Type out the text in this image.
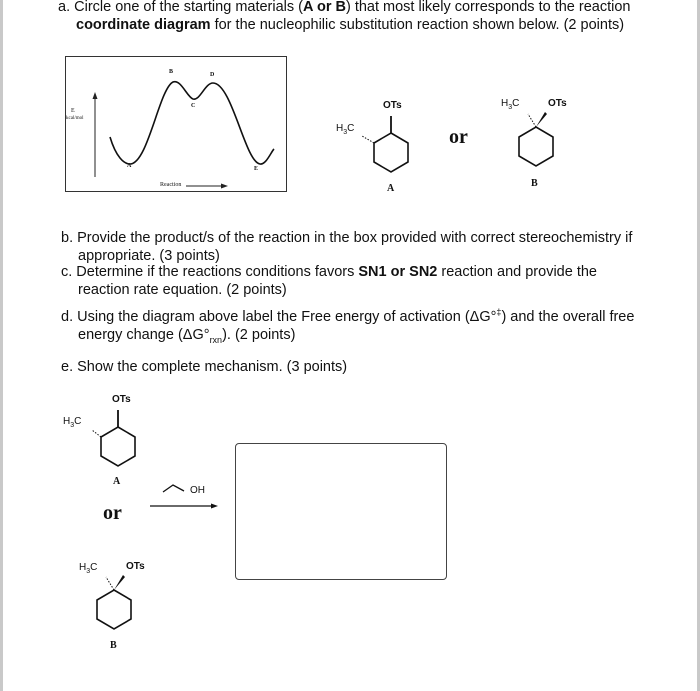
a. Circle one of the starting materials (A or B) that most likely corresponds to the reaction
coordinate diagram for the nucleophilic substitution reaction shown below. (2 points)
E
kcal/mol
Reaction
A
B
C
D
E
OTs
$H_3C$
A
or
OTs
$H_3C$
B
b. Provide the product/s of the reaction in the box provided with correct stereochemistry if
appropriate. (3 points)
c. Determine if the reactions conditions favors SN1 or SN2 reaction and provide the
reaction rate equation. (2 points)
d. Using the diagram above label the Free energy of activation (ΔG°‡) and the overall free
energy change $(\Delta G^\circ_{rxn})$. (2 points)
e. Show the complete mechanism. (3 points)
OTs
$H_3C$
A
or
OH
OTs
$H_3C$
B
